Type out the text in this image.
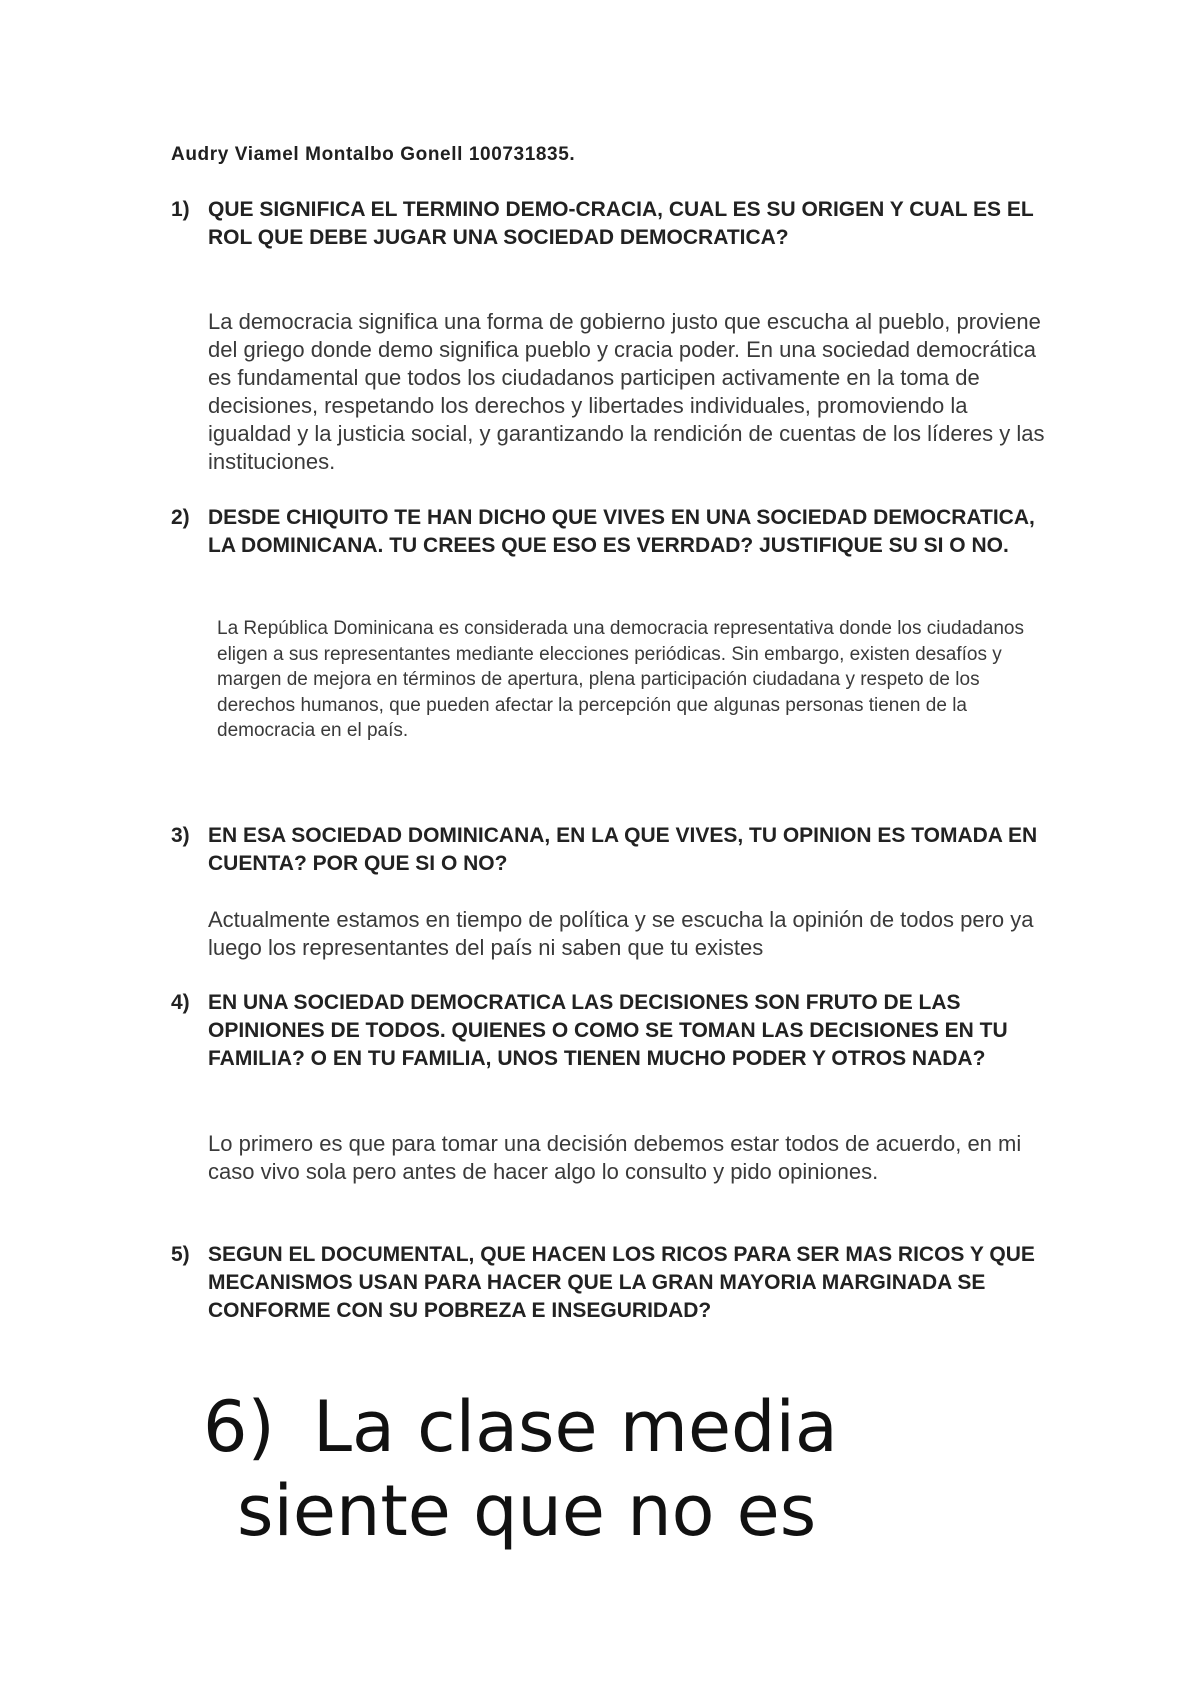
Audry Viamel Montalbo Gonell 100731835.
1) QUE SIGNIFICA EL TERMINO DEMO-CRACIA, CUAL ES SU ORIGEN Y CUAL ES EL ROL QUE DEBE JUGAR UNA SOCIEDAD DEMOCRATICA?
La democracia significa una forma de gobierno justo que escucha al pueblo, proviene del griego donde demo significa pueblo y cracia poder. En una sociedad democrática es fundamental que todos los ciudadanos participen activamente en la toma de decisiones, respetando los derechos y libertades individuales, promoviendo la igualdad y la justicia social, y garantizando la rendición de cuentas de los líderes y las instituciones.
2) DESDE CHIQUITO TE HAN DICHO QUE VIVES EN UNA SOCIEDAD DEMOCRATICA, LA DOMINICANA. TU CREES QUE ESO ES VERRDAD? JUSTIFIQUE SU SI O NO.
La República Dominicana es considerada una democracia representativa donde los ciudadanos eligen a sus representantes mediante elecciones periódicas. Sin embargo, existen desafíos y margen de mejora en términos de apertura, plena participación ciudadana y respeto de los derechos humanos, que pueden afectar la percepción que algunas personas tienen de la democracia en el país.
3) EN ESA SOCIEDAD DOMINICANA, EN LA QUE VIVES, TU OPINION ES TOMADA EN CUENTA? POR QUE SI O NO?
Actualmente estamos en tiempo de política y se escucha la opinión de todos pero ya luego los representantes del país ni saben que tu existes
4) EN UNA SOCIEDAD DEMOCRATICA LAS DECISIONES SON FRUTO DE LAS OPINIONES DE TODOS. QUIENES O COMO SE TOMAN LAS DECISIONES EN TU FAMILIA? O EN TU FAMILIA, UNOS TIENEN MUCHO PODER Y OTROS NADA?
Lo primero es que para tomar una decisión debemos estar todos de acuerdo, en mi caso vivo sola pero antes de hacer algo lo consulto y pido opiniones.
5) SEGUN EL DOCUMENTAL, QUE HACEN LOS RICOS PARA SER MAS RICOS Y QUE MECANISMOS USAN PARA HACER QUE LA GRAN MAYORIA MARGINADA SE CONFORME CON SU POBREZA E INSEGURIDAD?
6) La clase media
siente que no es
